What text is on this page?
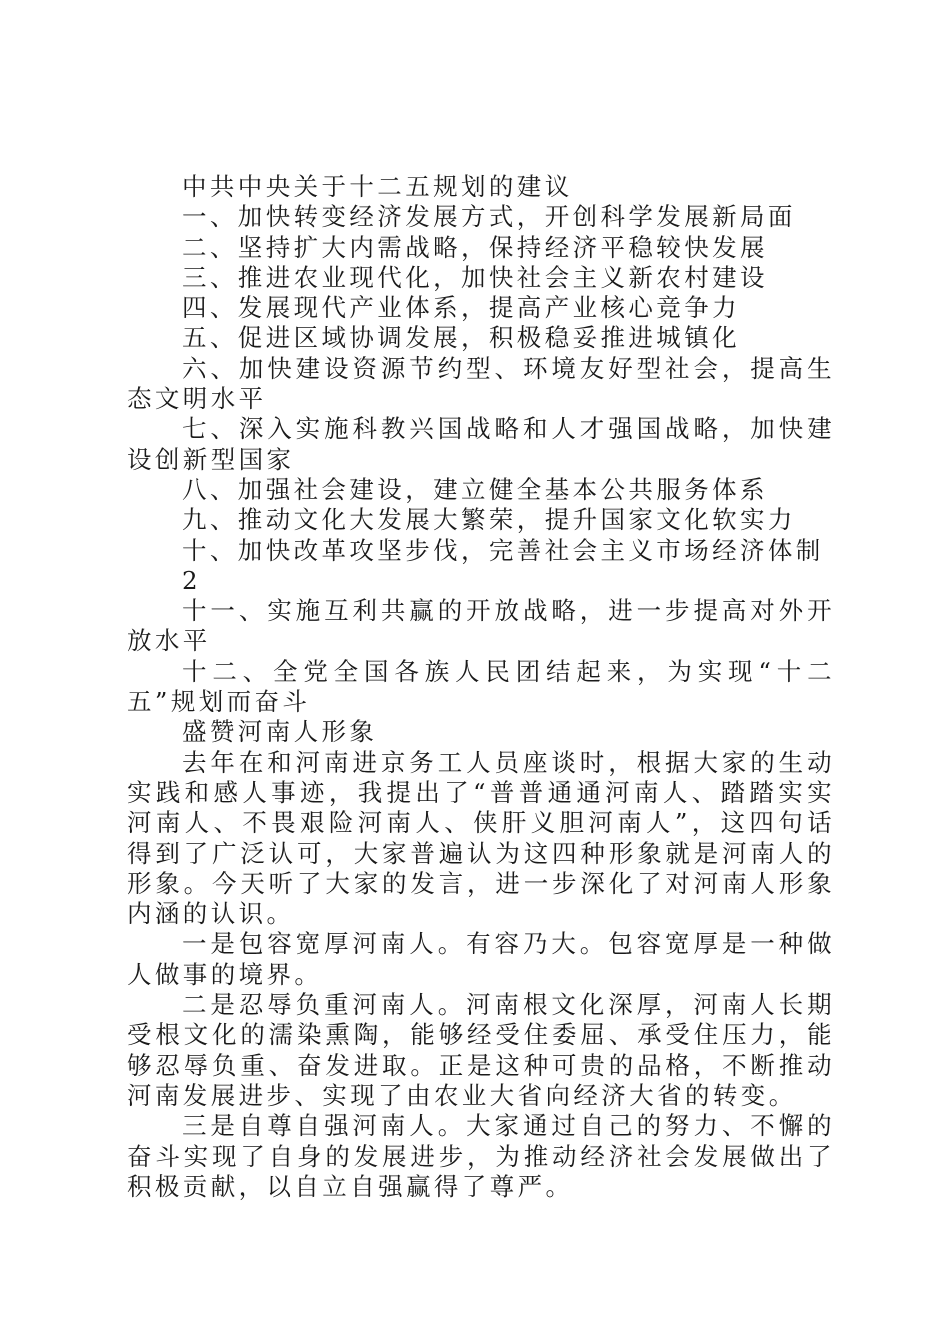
中共中央关于十二五规划的建议

一、加快转变经济发展方式，开创科学发展新局面

二、坚持扩大内需战略，保持经济平稳较快发展

三、推进农业现代化，加快社会主义新农村建设

四、发展现代产业体系，提高产业核心竞争力

五、促进区域协调发展，积极稳妥推进城镇化

六、加快建设资源节约型、环境友好型社会，提高生态文明水平

七、深入实施科教兴国战略和人才强国战略，加快建设创新型国家

八、加强社会建设，建立健全基本公共服务体系

九、推动文化大发展大繁荣，提升国家文化软实力

十、加快改革攻坚步伐，完善社会主义市场经济体制

2

十一、实施互利共赢的开放战略，进一步提高对外开放水平

十二、全党全国各族人民团结起来，为实现“十二五”规划而奋斗

盛赞河南人形象

去年在和河南进京务工人员座谈时，根据大家的生动实践和感人事迹，我提出了“普普通通河南人、踏踏实实河南人、不畏艰险河南人、侠肝义胆河南人”，这四句话得到了广泛认可，大家普遍认为这四种形象就是河南人的形象。今天听了大家的发言，进一步深化了对河南人形象内涵的认识。

一是包容宽厚河南人。有容乃大。包容宽厚是一种做人做事的境界。

二是忍辱负重河南人。河南根文化深厚，河南人长期受根文化的濡染熏陶，能够经受住委屈、承受住压力，能够忍辱负重、奋发进取。正是这种可贵的品格，不断推动河南发展进步、实现了由农业大省向经济大省的转变。

三是自尊自强河南人。大家通过自己的努力、不懈的奋斗实现了自身的发展进步，为推动经济社会发展做出了积极贡献，以自立自强赢得了尊严。
